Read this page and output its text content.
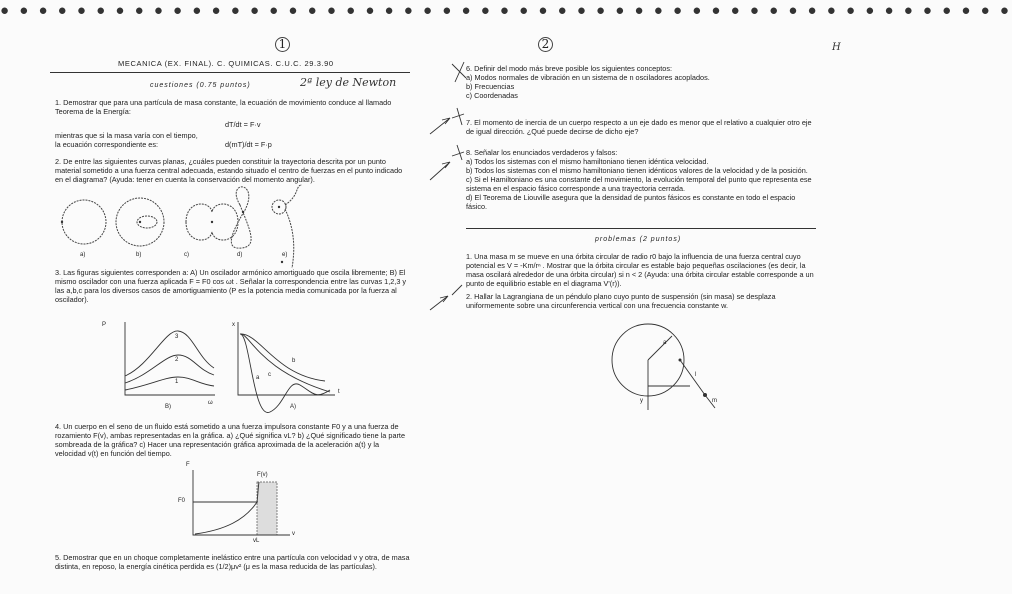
● ● ● ● ● ● ● ● ● ● ● ● ● ● ● ● ● ● ● ● ● ● ● ● ● ● ● ● ● ● ● ● ● ● ● ● ● ● ● ● ● ● ● ● ● ● ● ● ● ● ● ● ●
1
MECANICA (EX. FINAL). C. QUIMICAS. C.U.C. 29.3.90
cuestiones (0.75 puntos)	2ª ley de Newton

1. Demostrar que para una partícula de masa constante, la ecuación de movimiento conduce al llamado Teorema de la Energía:

dT/dt = F·v

mientras que si la masa varía con el tiempo, la ecuación correspondiente es:	d(mT)/dt = F·p

2. De entre las siguientes curvas planas, ¿cuáles pueden constituir la trayectoria descrita por un punto material sometido a una fuerza central adecuada, estando situado el centro de fuerzas en el punto indicado en el diagrama? (Ayuda: tener en cuenta la conservación del momento angular).

a)	b)	c)	d)	e)

3. Las figuras siguientes corresponden a: A) Un oscilador armónico amortiguado que oscila libremente; B) El mismo oscilador con una fuerza aplicada F = F0 cos ωt . Señalar la correspondencia entre las curvas 1,2,3 y las a,b,c para los diversos casos de amortiguamiento (P es la potencia media comunicada por la fuerza al oscilador).

P
ω
3
2
1
B)
x
t
a
b
c
A)

4. Un cuerpo en el seno de un fluido está sometido a una fuerza impulsora constante F0 y a una fuerza de rozamiento F(v), ambas representadas en la gráfica. a) ¿Qué significa vL? b) ¿Qué significado tiene la parte sombreada de la gráfica? c) Hacer una representación gráfica aproximada de la aceleración a(t) y la velocidad v(t) en función del tiempo.

F
F(v)
F0
v
vL

5. Demostrar que en un choque completamente inelástico entre una partícula con velocidad v y otra, de masa distinta, en reposo, la energía cinética perdida es (1/2)μv² (μ es la masa reducida de las partículas).

2	H

6. Definir del modo más breve posible los siguientes conceptos:

a) Modos normales de vibración en un sistema de n osciladores acoplados.

b) Frecuencias

c) Coordenadas

7. El momento de inercia de un cuerpo respecto a un eje dado es menor que el relativo a cualquier otro eje de igual dirección. ¿Qué puede decirse de dicho eje?

8. Señalar los enunciados verdaderos y falsos:

a) Todos los sistemas con el mismo hamiltoniano tienen idéntica velocidad.

b) Todos los sistemas con el mismo hamiltoniano tienen idénticos valores de la velocidad y de la posición.

c) Si el Hamiltoniano es una constante del movimiento, la evolución temporal del punto que representa ese sistema en el espacio fásico corresponde a una trayectoria cerrada.

d) El Teorema de Liouville asegura que la densidad de puntos fásicos es constante en todo el espacio fásico.

problemas (2 puntos)

1. Una masa m se mueve en una órbita circular de radio r0 bajo la influencia de una fuerza central cuyo potencial es V = -Km/rⁿ . Mostrar que la órbita circular es estable bajo pequeñas oscilaciones (es decir, la masa oscilará alrededor de una órbita circular) si n < 2 (Ayuda: una órbita circular estable corresponde a un punto de equilibrio estable en el diagrama V'(r)).

2. Hallar la Lagrangiana de un péndulo plano cuyo punto de suspensión (sin masa) se desplaza uniformemente sobre una circunferencia vertical con una frecuencia constante w.

a
y
l
m
